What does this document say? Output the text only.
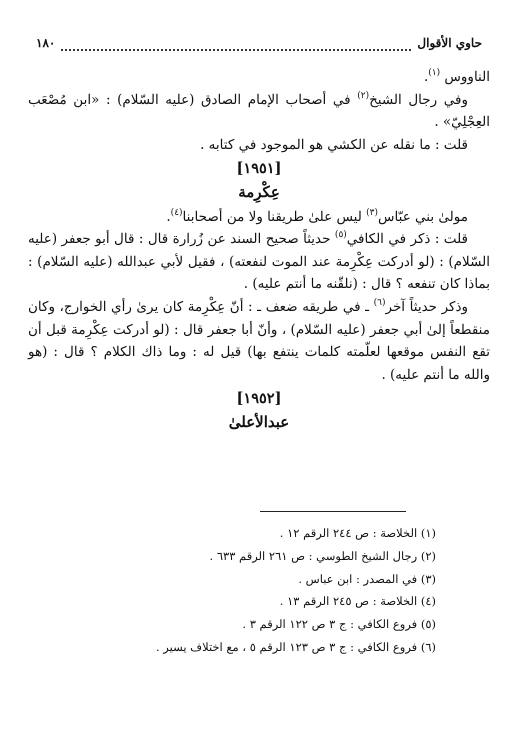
حاوي الأقوال
١٨٠

الناووس $^{(١)}$.

وفي رجال الشيخ$^{(٢)}$ في أصحاب الإمام الصادق (عليه السّلام) : «ابن مُصْعَب العِجْلِيّ» .

قلت : ما نقله عن الكشي هو الموجود في كتابه .

[١٩٥١]

عِكْرِمة

مولىٰ بني عبّاس$^{(٣)}$ ليس علىٰ طريقنا ولا من أصحابنا$^{(٤)}$.

قلت : ذكر في الكافي$^{(٥)}$ حديثاً صحيح السند عن زُرارة قال : قال أبو جعفر (عليه السّلام) : (لو أدركت عِكْرِمة عند الموت لنفعته) ، فقيل لأبي عبدالله (عليه السّلام) : بماذا كان تنفعه ؟ قال : (نلقّنه ما أنتم عليه) .

وذكر حديثاً آخر$^{(٦)}$ ـ في طريقه ضعف ـ : أنّ عِكْرِمة كان يرىٰ رأي الخوارج، وكان منقطعاً إلىٰ أبي جعفر (عليه السّلام) ، وأنّ أبا جعفر قال : (لو أدركت عِكْرِمة قبل أن تقع النفس موقعها لعلّمته كلمات ينتفع بها) قيل له : وما ذاك الكلام ؟ قال : (هو والله ما أنتم عليه) .

[١٩٥٢]

عبدالأعلىٰ

(١) الخلاصة : ص ٢٤٤ الرقم ١٢ .
(٢) رجال الشيخ الطوسي : ص ٢٦١ الرقم ٦٣٣ .
(٣) في المصدر : ابن عباس .
(٤) الخلاصة : ص ٢٤٥ الرقم ١٣ .
(٥) فروع الكافي : ج ٣ ص ١٢٢ الرقم ٣ .
(٦) فروع الكافي : ج ٣ ص ١٢٣ الرقم ٥ ، مع اختلاف يسير .
